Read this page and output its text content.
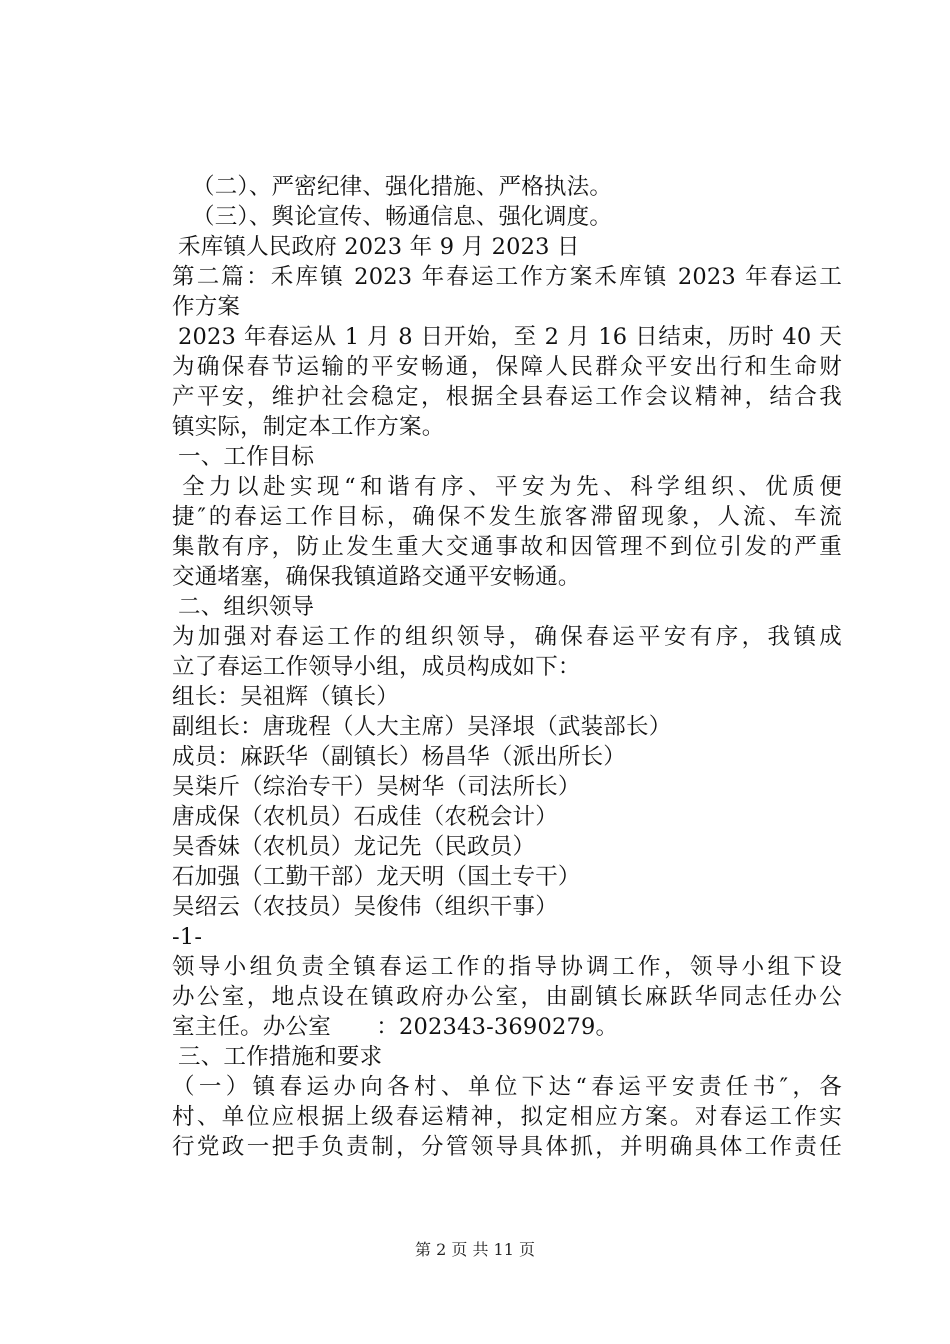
（二）、严密纪律、强化措施、严格执法。
（三）、舆论宣传、畅通信息、强化调度。
禾库镇人民政府 2023 年 9 月 2023 日
第二篇：禾库镇 2023 年春运工作方案禾库镇 2023 年春运工
作方案
2023 年春运从 1 月 8 日开始，至 2 月 16 日结束，历时 40 天
为确保春节运输的平安畅通，保障人民群众平安出行和生命财
产平安，维护社会稳定，根据全县春运工作会议精神，结合我
镇实际，制定本工作方案。
一、工作目标
全力以赴实现“和谐有序、平安为先、科学组织、优质便
捷″的春运工作目标，确保不发生旅客滞留现象，人流、车流
集散有序，防止发生重大交通事故和因管理不到位引发的严重
交通堵塞，确保我镇道路交通平安畅通。
二、组织领导
为加强对春运工作的组织领导，确保春运平安有序，我镇成
立了春运工作领导小组，成员构成如下：
组长：吴祖辉（镇长）
副组长：唐珑程（人大主席）吴泽垠（武装部长）
成员：麻跃华（副镇长）杨昌华（派出所长）
吴柒斤（综治专干）吴树华（司法所长）
唐成保（农机员）石成佳（农税会计）
吴香妹（农机员）龙记先（民政员）
石加强（工勤干部）龙天明（国土专干）
吴绍云（农技员）吴俊伟（组织干事）
-1-
领导小组负责全镇春运工作的指导协调工作，领导小组下设
办公室，地点设在镇政府办公室，由副镇长麻跃华同志任办公
室主任。办公室　　：202343-3690279。
三、工作措施和要求
（一）镇春运办向各村、单位下达“春运平安责任书″，各
村、单位应根据上级春运精神，拟定相应方案。对春运工作实
行党政一把手负责制，分管领导具体抓，并明确具体工作责任
第 2 页 共 11 页
